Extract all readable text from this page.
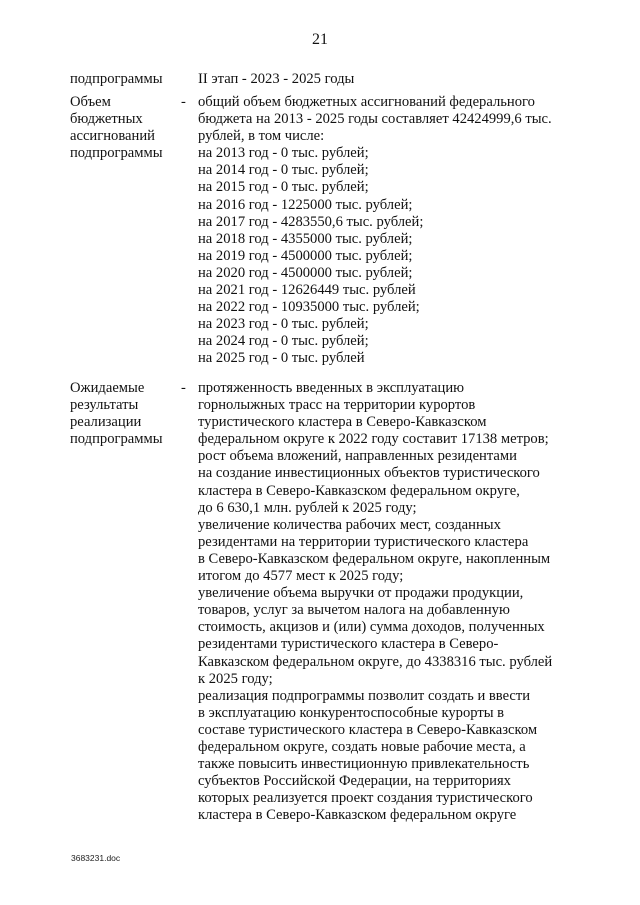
21
подпрограммы	II этап - 2023 - 2025 годы
Объем
бюджетных
ассигнований
подпрограммы
- общий объем бюджетных ассигнований федерального
бюджета на 2013 - 2025 годы составляет 42424999,6 тыс.
рублей, в том числе:
на 2013 год - 0 тыс. рублей;
на 2014 год - 0 тыс. рублей;
на 2015 год - 0 тыс. рублей;
на 2016 год - 1225000 тыс. рублей;
на 2017 год - 4283550,6 тыс. рублей;
на 2018 год - 4355000 тыс. рублей;
на 2019 год - 4500000 тыс. рублей;
на 2020 год - 4500000 тыс. рублей;
на 2021 год - 12626449 тыс. рублей
на 2022 год - 10935000 тыс. рублей;
на 2023 год - 0 тыс. рублей;
на 2024 год - 0 тыс. рублей;
на 2025 год - 0 тыс. рублей
Ожидаемые
результаты
реализации
подпрограммы
- протяженность введенных в эксплуатацию
горнолыжных трасс на территории курортов
туристического кластера в Северо-Кавказском
федеральном округе к 2022 году составит 17138 метров;
рост объема вложений, направленных резидентами
на создание инвестиционных объектов туристического
кластера в Северо-Кавказском федеральном округе,
до 6 630,1 млн. рублей к 2025 году;
увеличение количества рабочих мест, созданных
резидентами на территории туристического кластера
в Северо-Кавказском федеральном округе, накопленным
итогом до 4577 мест к 2025 году;
увеличение объема выручки от продажи продукции,
товаров, услуг за вычетом налога на добавленную
стоимость, акцизов и (или) сумма доходов, полученных
резидентами туристического кластера в Северо-
Кавказском федеральном округе, до 4338316 тыс. рублей
к 2025 году;
реализация подпрограммы позволит создать и ввести
в эксплуатацию конкурентоспособные курорты в
составе туристического кластера в Северо-Кавказском
федеральном округе, создать новые рабочие места, а
также повысить инвестиционную привлекательность
субъектов Российской Федерации, на территориях
которых реализуется проект создания туристического
кластера в Северо-Кавказском федеральном округе
3683231.doc
